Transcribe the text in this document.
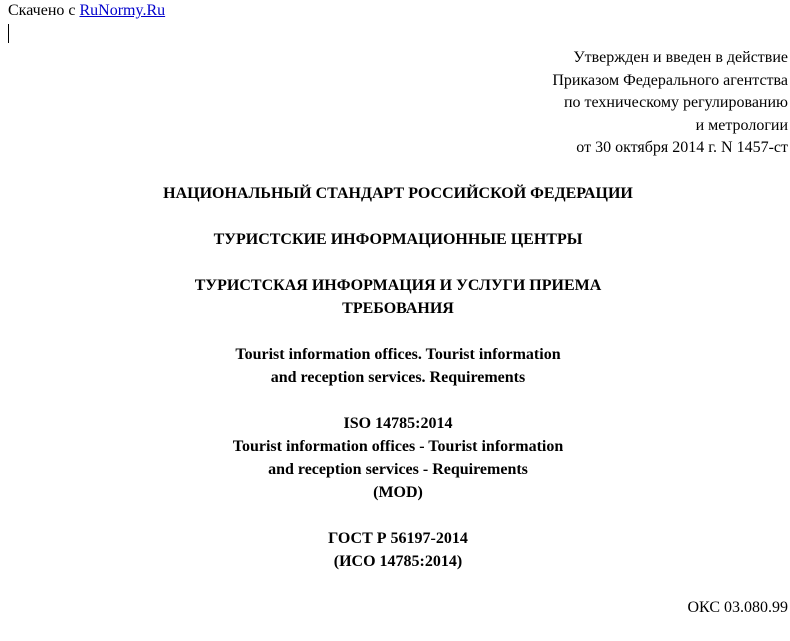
Скачено с RuNormy.Ru
Утвержден и введен в действие
Приказом Федерального агентства
по техническому регулированию
и метрологии
от 30 октября 2014 г. N 1457-ст
НАЦИОНАЛЬНЫЙ СТАНДАРТ РОССИЙСКОЙ ФЕДЕРАЦИИ
ТУРИСТСКИЕ ИНФОРМАЦИОННЫЕ ЦЕНТРЫ
ТУРИСТСКАЯ ИНФОРМАЦИЯ И УСЛУГИ ПРИЕМА
ТРЕБОВАНИЯ
Tourist information offices. Tourist information
and reception services. Requirements
ISO 14785:2014
Tourist information offices - Tourist information
and reception services - Requirements
(MOD)
ГОСТ Р 56197-2014
(ИСО 14785:2014)
ОКС 03.080.99
